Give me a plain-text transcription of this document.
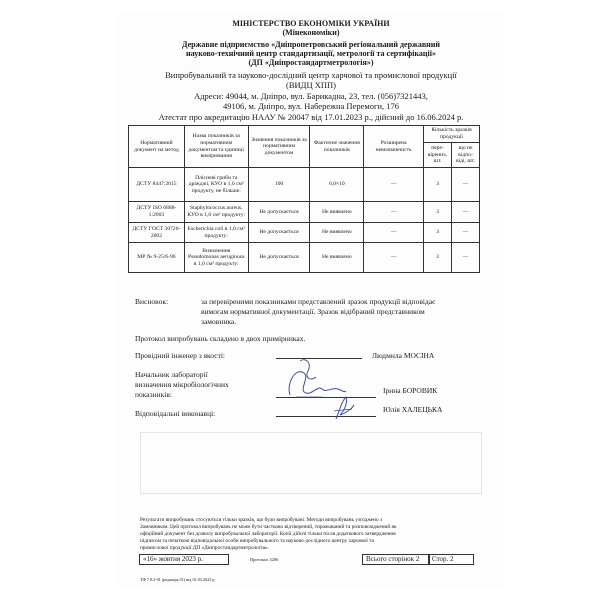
МІНІСТЕРСТВО ЕКОНОМІКИ УКРАЇНИ
(Мінекономіки)
Державне підприємство «Дніпропетровський регіональний державний
науково-технічний центр стандартизації, метрології та сертифікації»
(ДП «Дніпростандартметрологія»)
Випробувальний та науково-дослідний центр харчової та промислової продукції
(ВИДЦ ХПП)
Адреси: 49044, м. Дніпро, вул. Барикадна, 23, тел. (056)7321443,
49106, м. Дніпро, вул. Набережна Перемоги, 176
Атестат про акредитацію НААУ № 20047 від 17.01.2023 р., дійсний до 16.06.2024 р.
Нормативний документ на метод	Назва показників за нормативним документом та одиниці вимірювання	Значення показників за нормативним документом	Фактичне значення показників	Розширена невизначеність	Кількість зразків продукції	
					пере-вірених, шт.	що не відпо-віді, шт.
ДСТУ 8447:2015	Плісневі гриби та дріжджі, КУО в 1,0 см³ продукту, не більше:	100	6,0×10	—	3	—
ДСТУ ISO 6888-1:2003	Staphylococcus aureus, КУО в 1,0 см³ продукту:	Не допускається	Не виявлено	—	3	—
ДСТУ ГОСТ 30726-2002	Escherichia coli в 1,0 см³ продукту:	Не допускається	Не виявлено	—	3	—
МР № 9-25/6-96	Визначення Pseudomonas aeruginosa в 1,0 см³ продукту:	Не допускається	Не виявлено	—	3	—
Висновок:	за перевіреними показниками представлений зразок продукції відповідає
вимогам нормативної документації. Зразок відібраний представником
замовника.
Протокол випробувань складено в двох примірниках.
Провідний інженер з якості:	Людмила МОСІНА
Начальник лабораторії
визначення мікробіологічних
показників:	Ірина БОРОВИК
Відповідальні виконавці:	Юлія ХАЛЕЦЬКА
Результати випробувань стосуються тільки зразків, що були випробувані. Методи випробувань узгоджено з
Замовником. Цей протокол випробувань не може бути частково відтворений, тиражований та розповсюджений як
офіційний документ без дозволу випробувальної лабораторії. Копії дійсні тільки після додаткового затвердження
підписом та печаткою відповідальної особи випробувального та науково-дослідного центру харчової та
промислової продукції ДП «Дніпростандартметрологія».
«16» жовтня 2023 р.	Протокол 3206	Всього сторінок 2	Стор. 2
ТФ 7.8.2-01 (редакція 01) від 01.03.2023 р.
